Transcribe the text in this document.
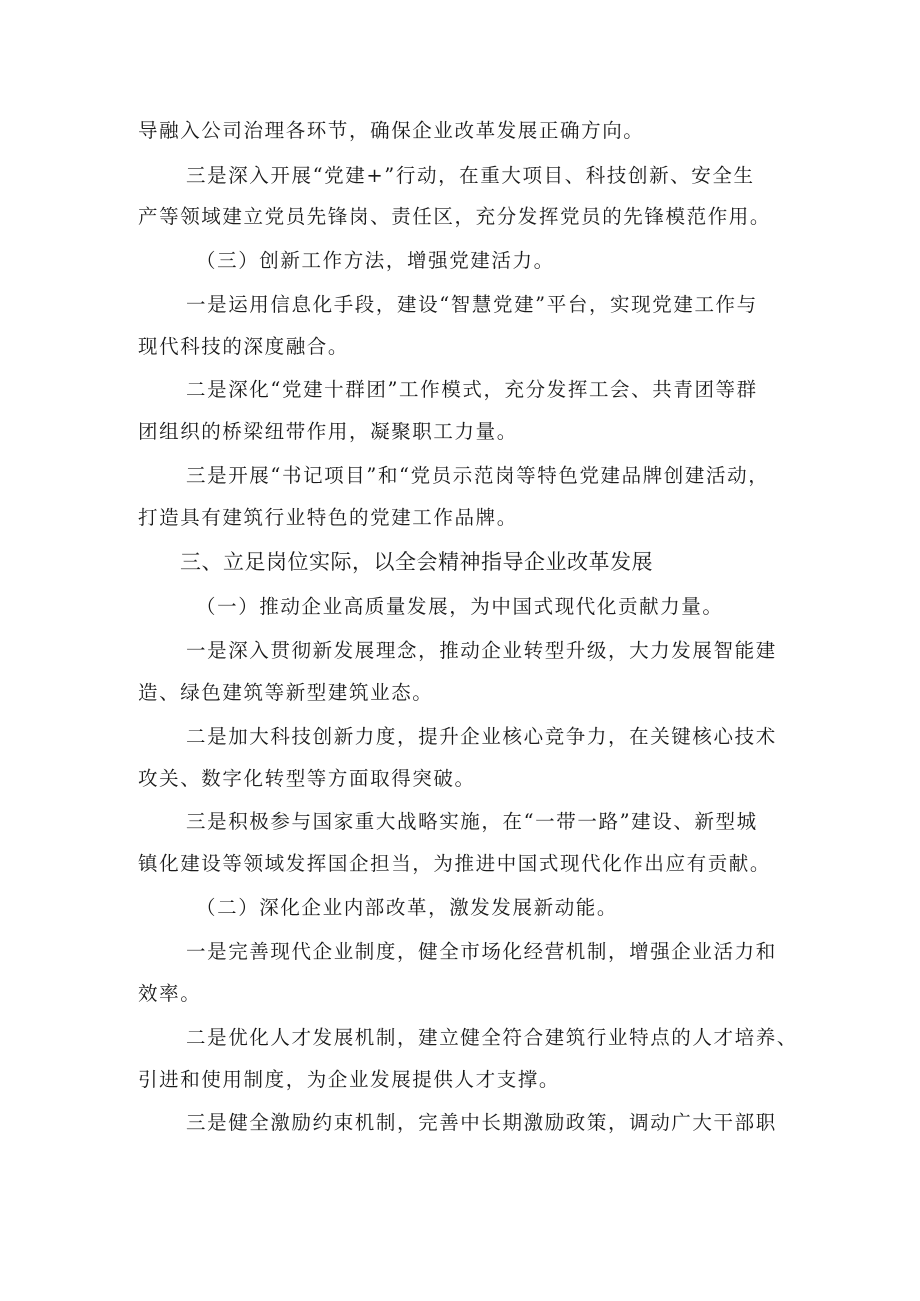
导融入公司治理各环节，确保企业改革发展正确方向。
三是深入开展“党建+”行动，在重大项目、科技创新、安全生
产等领域建立党员先锋岗、责任区，充分发挥党员的先锋模范作用。
（三）创新工作方法，增强党建活力。
一是运用信息化手段，建设“智慧党建”平台，实现党建工作与
现代科技的深度融合。
二是深化“党建十群团”工作模式，充分发挥工会、共青团等群
团组织的桥梁纽带作用，凝聚职工力量。
三是开展“书记项目”和“党员示范岗等特色党建品牌创建活动，
打造具有建筑行业特色的党建工作品牌。
三、立足岗位实际，以全会精神指导企业改革发展
（一）推动企业高质量发展，为中国式现代化贡献力量。
一是深入贯彻新发展理念，推动企业转型升级，大力发展智能建
造、绿色建筑等新型建筑业态。
二是加大科技创新力度，提升企业核心竞争力，在关键核心技术
攻关、数字化转型等方面取得突破。
三是积极参与国家重大战略实施，在“一带一路”建设、新型城
镇化建设等领域发挥国企担当，为推进中国式现代化作出应有贡献。
（二）深化企业内部改革，激发发展新动能。
一是完善现代企业制度，健全市场化经营机制，增强企业活力和
效率。
二是优化人才发展机制，建立健全符合建筑行业特点的人才培养、
引进和使用制度，为企业发展提供人才支撑。
三是健全激励约束机制，完善中长期激励政策，调动广大干部职
